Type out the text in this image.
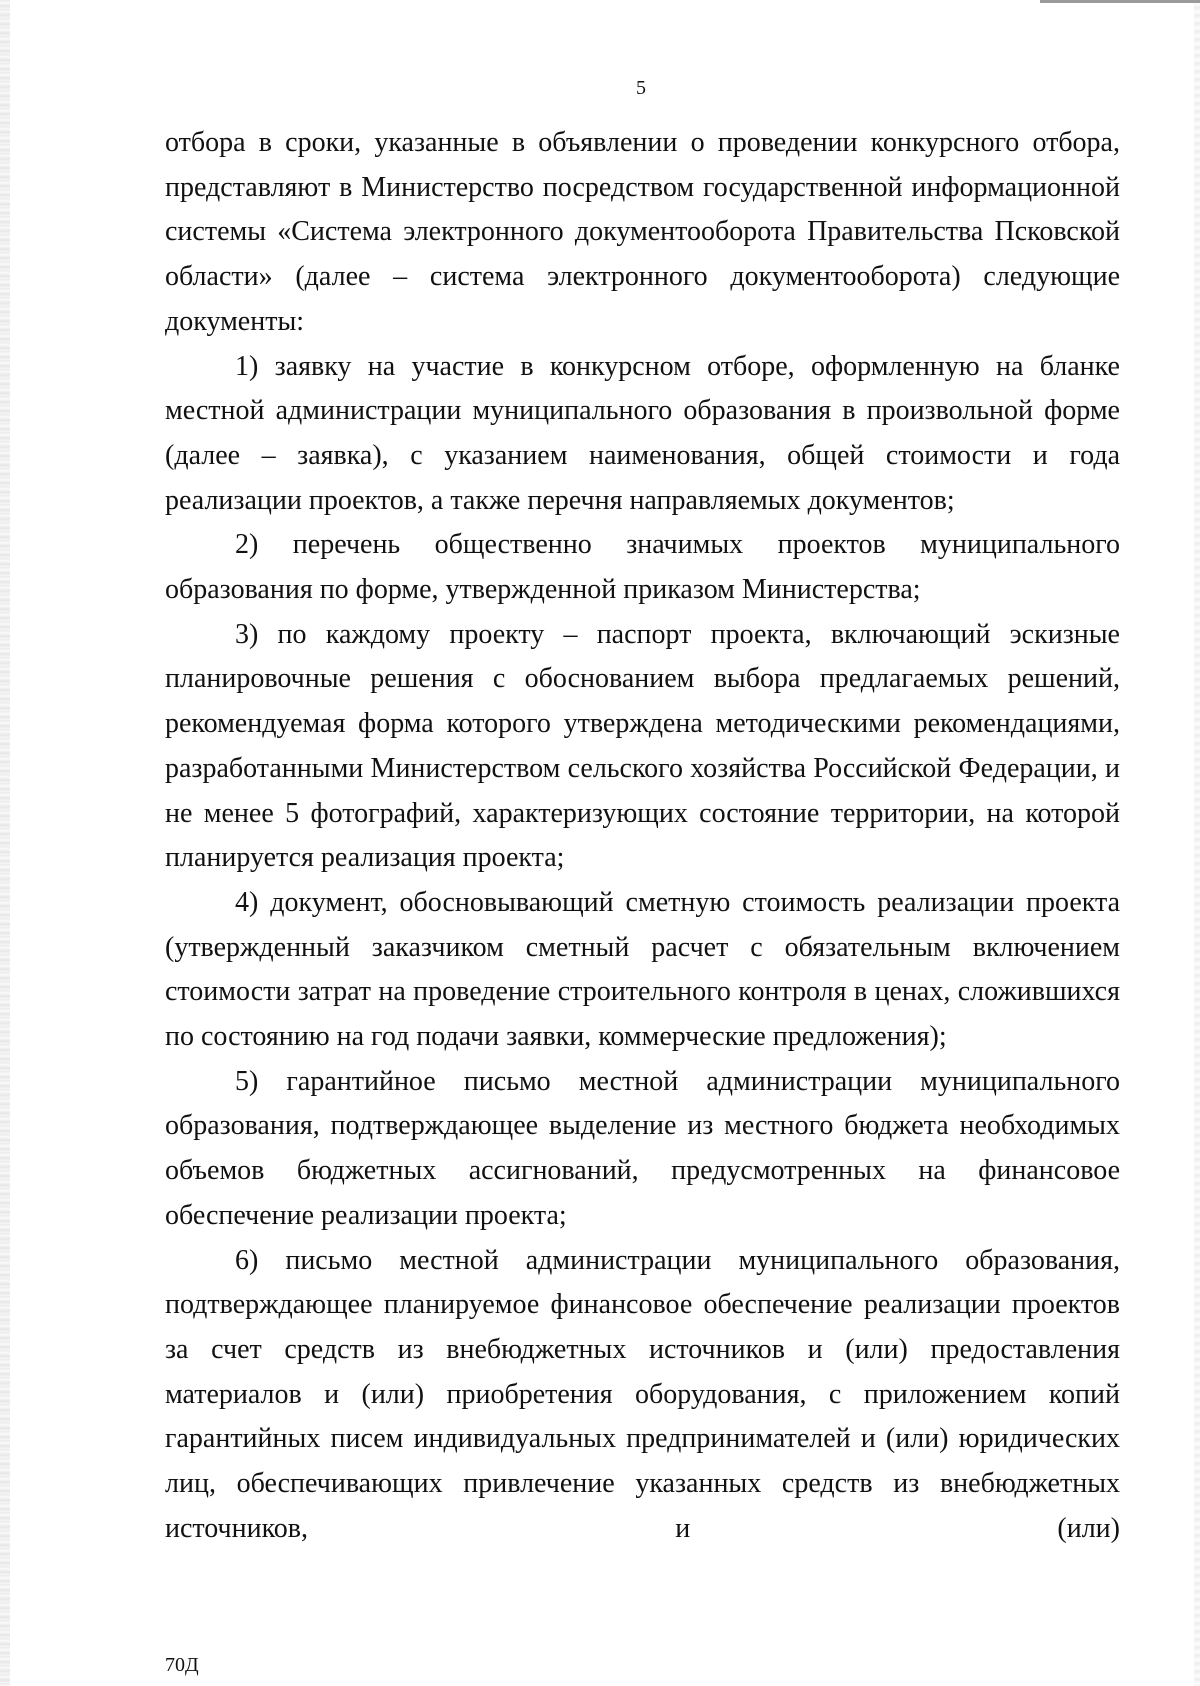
5

отбора в сроки, указанные в объявлении о проведении конкурсного отбора, представляют в Министерство посредством государственной информационной системы «Система электронного документооборота Правительства Псковской области» (далее – система электронного документооборота) следующие документы:

1) заявку на участие в конкурсном отборе, оформленную на бланке местной администрации муниципального образования в произвольной форме (далее – заявка), с указанием наименования, общей стоимости и года реализации проектов, а также перечня направляемых документов;

2) перечень общественно значимых проектов муниципального образования по форме, утвержденной приказом Министерства;

3) по каждому проекту – паспорт проекта, включающий эскизные планировочные решения с обоснованием выбора предлагаемых решений, рекомендуемая форма которого утверждена методическими рекомендациями, разработанными Министерством сельского хозяйства Российской Федерации, и не менее 5 фотографий, характеризующих состояние территории, на которой планируется реализация проекта;

4) документ, обосновывающий сметную стоимость реализации проекта (утвержденный заказчиком сметный расчет с обязательным включением стоимости затрат на проведение строительного контроля в ценах, сложившихся по состоянию на год подачи заявки, коммерческие предложения);

5) гарантийное письмо местной администрации муниципального образования, подтверждающее выделение из местного бюджета необходимых объемов бюджетных ассигнований, предусмотренных на финансовое обеспечение реализации проекта;

6) письмо местной администрации муниципального образования, подтверждающее планируемое финансовое обеспечение реализации проектов за счет средств из внебюджетных источников и (или) предоставления материалов и (или) приобретения оборудования, с приложением копий гарантийных писем индивидуальных предпринимателей и (или) юридических лиц, обеспечивающих привлечение указанных средств из внебюджетных источников, и (или)

70Д
